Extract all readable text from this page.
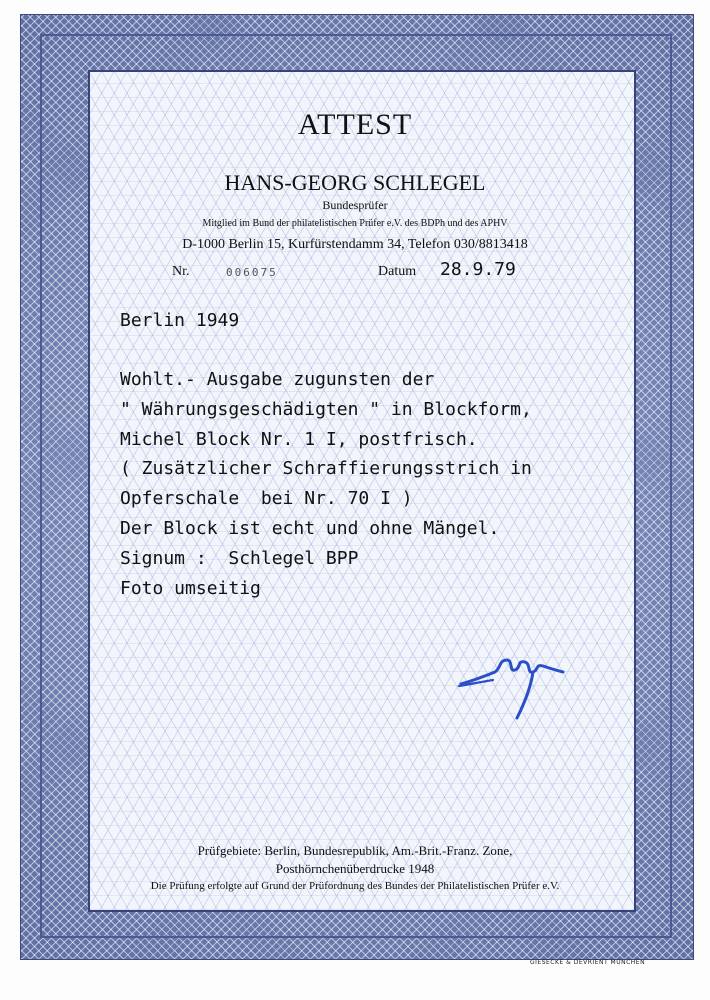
ATTEST
HANS-GEORG SCHLEGEL
Bundesprüfer
Mitglied im Bund der philatelistischen Prüfer e.V. des BDPh und des APHV
D-1000 Berlin 15, Kurfürstendamm 34, Telefon 030/8813418
Nr.	006075	Datum 28.9.79
Berlin 1949
Wohlt.- Ausgabe zugunsten der
" Währungsgeschädigten " in Blockform,
Michel Block Nr. 1 I, postfrisch.
( Zusätzlicher Schraffierungsstrich in
Opferschale  bei Nr. 70 I )
Der Block ist echt und ohne Mängel.
Signum :  Schlegel BPP
Foto umseitig
Prüfgebiete: Berlin, Bundesrepublik, Am.-Brit.-Franz. Zone,
Posthörnchenüberdrucke 1948
Die Prüfung erfolgte auf Grund der Prüfordnung des Bundes der Philatelistischen Prüfer e.V.
GIESECKE & DEVRIENT MÜNCHEN
